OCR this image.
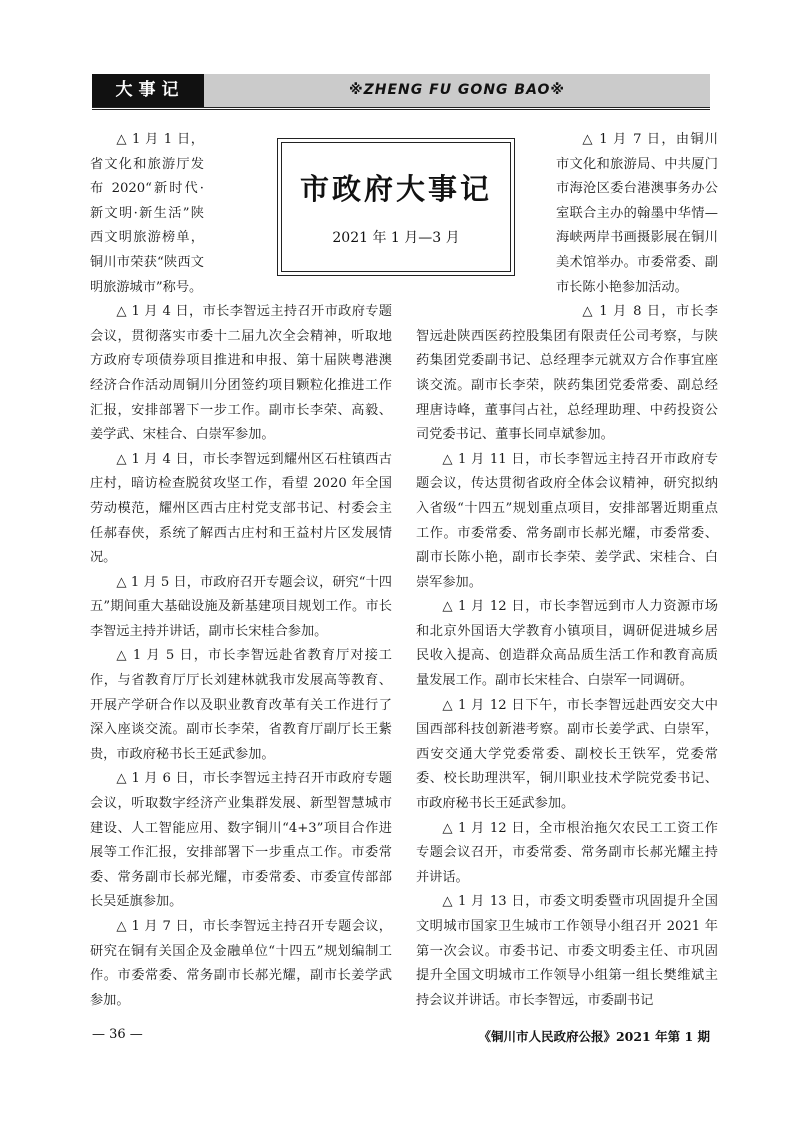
大事记	※ZHENG FU GONG BAO※

△ 1 月 1 日，省文化和旅游厅发布 2020“新时代·新文明·新生活”陕西文明旅游榜单，铜川市荣获“陕西文明旅游城市”称号。

△ 1 月 4 日，市长李智远主持召开市政府专题会议，贯彻落实市委十二届九次全会精神，听取地方政府专项债券项目推进和申报、第十届陕粤港澳经济合作活动周铜川分团签约项目颗粒化推进工作汇报，安排部署下一步工作。副市长李荣、高毅、姜学武、宋桂合、白崇军参加。

△ 1 月 4 日，市长李智远到耀州区石柱镇西古庄村，暗访检查脱贫攻坚工作，看望 2020 年全国劳动模范，耀州区西古庄村党支部书记、村委会主任郝春侠，系统了解西古庄村和王益村片区发展情况。

△ 1 月 5 日，市政府召开专题会议，研究“十四五”期间重大基础设施及新基建项目规划工作。市长李智远主持并讲话，副市长宋桂合参加。

△ 1 月 5 日，市长李智远赴省教育厅对接工作，与省教育厅厅长刘建林就我市发展高等教育、开展产学研合作以及职业教育改革有关工作进行了深入座谈交流。副市长李荣，省教育厅副厅长王紫贵，市政府秘书长王延武参加。

△ 1 月 6 日，市长李智远主持召开市政府专题会议，听取数字经济产业集群发展、新型智慧城市建设、人工智能应用、数字铜川“4+3”项目合作进展等工作汇报，安排部署下一步重点工作。市委常委、常务副市长郝光耀，市委常委、市委宣传部部长吴延旗参加。

△ 1 月 7 日，市长李智远主持召开专题会议，研究在铜有关国企及金融单位“十四五”规划编制工作。市委常委、常务副市长郝光耀，副市长姜学武参加。

△ 1 月 7 日，由铜川市文化和旅游局、中共厦门市海沧区委台港澳事务办公室联合主办的翰墨中华情—海峡两岸书画摄影展在铜川美术馆举办。市委常委、副市长陈小艳参加活动。

△ 1 月 8 日，市长李智远赴陕西医药控股集团有限责任公司考察，与陕药集团党委副书记、总经理李元就双方合作事宜座谈交流。副市长李荣，陕药集团党委常委、副总经理唐诗峰，董事闫占社，总经理助理、中药投资公司党委书记、董事长同卓斌参加。

△ 1 月 11 日，市长李智远主持召开市政府专题会议，传达贯彻省政府全体会议精神，研究拟纳入省级“十四五”规划重点项目，安排部署近期重点工作。市委常委、常务副市长郝光耀，市委常委、副市长陈小艳，副市长李荣、姜学武、宋桂合、白崇军参加。

△ 1 月 12 日，市长李智远到市人力资源市场和北京外国语大学教育小镇项目，调研促进城乡居民收入提高、创造群众高品质生活工作和教育高质量发展工作。副市长宋桂合、白崇军一同调研。

△ 1 月 12 日下午，市长李智远赴西安交大中国西部科技创新港考察。副市长姜学武、白崇军，西安交通大学党委常委、副校长王铁军，党委常委、校长助理洪军，铜川职业技术学院党委书记、市政府秘书长王延武参加。

△ 1 月 12 日，全市根治拖欠农民工工资工作专题会议召开，市委常委、常务副市长郝光耀主持并讲话。

△ 1 月 13 日，市委文明委暨市巩固提升全国文明城市国家卫生城市工作领导小组召开 2021 年第一次会议。市委书记、市委文明委主任、市巩固提升全国文明城市工作领导小组第一组长樊维斌主持会议并讲话。市长李智远，市委副书记

市政府大事记
2021 年 1 月—3 月
— 36 —	《铜川市人民政府公报》2021 年第 1 期
